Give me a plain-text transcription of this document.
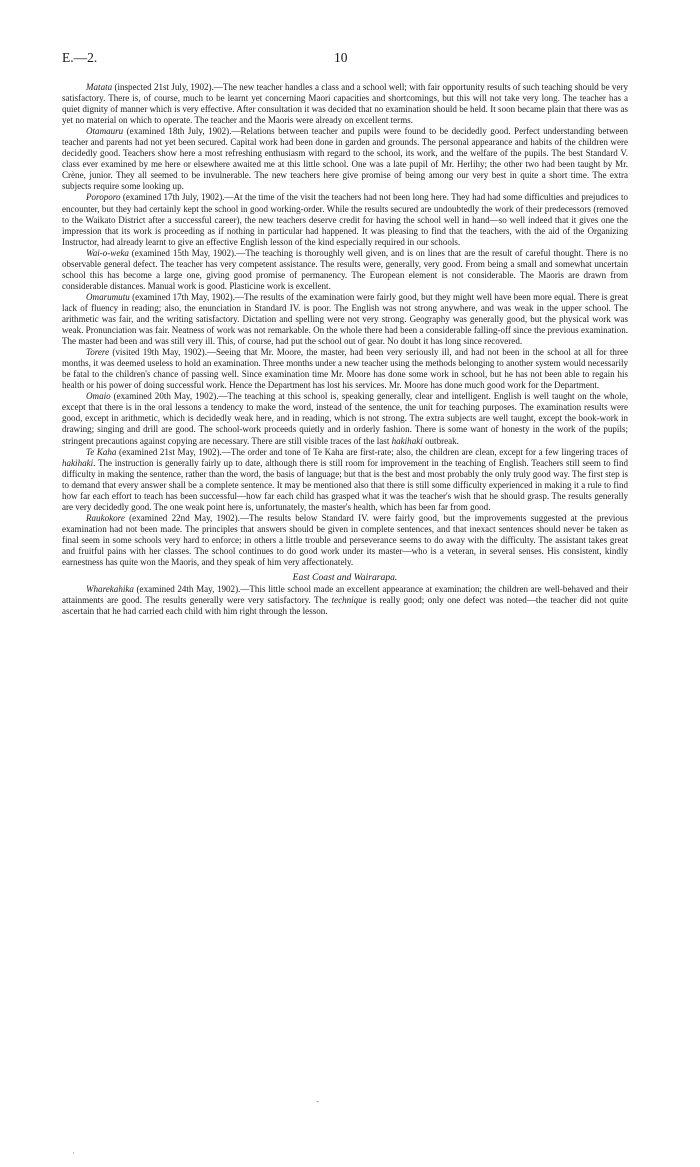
E.—2.	10

Matata (inspected 21st July, 1902).—The new teacher handles a class and a school well; with fair opportunity results of such teaching should be very satisfactory. There is, of course, much to be learnt yet concerning Maori capacities and shortcomings, but this will not take very long. The teacher has a quiet dignity of manner which is very effective. After consultation it was decided that no examination should be held. It soon became plain that there was as yet no material on which to operate. The teacher and the Maoris were already on excellent terms.

Otamauru (examined 18th July, 1902).—Relations between teacher and pupils were found to be decidedly good. Perfect understanding between teacher and parents had not yet been secured. Capital work had been done in garden and grounds. The personal appearance and habits of the children were decidedly good. Teachers show here a most refreshing enthusiasm with regard to the school, its work, and the welfare of the pupils. The best Standard V. class ever examined by me here or elsewhere awaited me at this little school. One was a late pupil of Mr. Herlihy; the other two had been taught by Mr. Crène, junior. They all seemed to be invulnerable. The new teachers here give promise of being among our very best in quite a short time. The extra subjects require some looking up.

Poroporo (examined 17th July, 1902).—At the time of the visit the teachers had not been long here. They had had some difficulties and prejudices to encounter, but they had certainly kept the school in good working-order. While the results secured are undoubtedly the work of their predecessors (removed to the Waikato District after a successful career), the new teachers deserve credit for having the school well in hand—so well indeed that it gives one the impression that its work is proceeding as if nothing in particular had happened. It was pleasing to find that the teachers, with the aid of the Organizing Instructor, had already learnt to give an effective English lesson of the kind especially required in our schools.

Wai-o-weka (examined 15th May, 1902).—The teaching is thoroughly well given, and is on lines that are the result of careful thought. There is no observable general defect. The teacher has very competent assistance. The results were, generally, very good. From being a small and somewhat uncertain school this has become a large one, giving good promise of permanency. The European element is not considerable. The Maoris are drawn from considerable distances. Manual work is good. Plasticine work is excellent.

Omarumutu (examined 17th May, 1902).—The results of the examination were fairly good, but they might well have been more equal. There is great lack of fluency in reading; also, the enunciation in Standard IV. is poor. The English was not strong anywhere, and was weak in the upper school. The arithmetic was fair, and the writing satisfactory. Dictation and spelling were not very strong. Geography was generally good, but the physical work was weak. Pronunciation was fair. Neatness of work was not remarkable. On the whole there had been a considerable falling-off since the previous examination. The master had been and was still very ill. This, of course, had put the school out of gear. No doubt it has long since recovered.

Torere (visited 19th May, 1902).—Seeing that Mr. Moore, the master, had been very seriously ill, and had not been in the school at all for three months, it was deemed useless to hold an examination. Three months under a new teacher using the methods belonging to another system would necessarily be fatal to the children's chance of passing well. Since examination time Mr. Moore has done some work in school, but he has not been able to regain his health or his power of doing successful work. Hence the Department has lost his services. Mr. Moore has done much good work for the Department.

Omaio (examined 20th May, 1902).—The teaching at this school is, speaking generally, clear and intelligent. English is well taught on the whole, except that there is in the oral lessons a tendency to make the word, instead of the sentence, the unit for teaching purposes. The examination results were good, except in arithmetic, which is decidedly weak here, and in reading, which is not strong. The extra subjects are well taught, except the book-work in drawing; singing and drill are good. The school-work proceeds quietly and in orderly fashion. There is some want of honesty in the work of the pupils; stringent precautions against copying are necessary. There are still visible traces of the last hakihaki outbreak.

Te Kaha (examined 21st May, 1902).—The order and tone of Te Kaha are first-rate; also, the children are clean, except for a few lingering traces of hakihaki. The instruction is generally fairly up to date, although there is still room for improvement in the teaching of English. Teachers still seem to find difficulty in making the sentence, rather than the word, the basis of language; but that is the best and most probably the only truly good way. The first step is to demand that every answer shall be a complete sentence. It may be mentioned also that there is still some difficulty experienced in making it a rule to find how far each effort to teach has been successful—how far each child has grasped what it was the teacher's wish that he should grasp. The results generally are very decidedly good. The one weak point here is, unfortunately, the master's health, which has been far from good.

Raukokore (examined 22nd May, 1902).—The results below Standard IV. were fairly good, but the improvements suggested at the previous examination had not been made. The principles that answers should be given in complete sentences, and that inexact sentences should never be taken as final seem in some schools very hard to enforce; in others a little trouble and perseverance seems to do away with the difficulty. The assistant takes great and fruitful pains with her classes. The school continues to do good work under its master—who is a veteran, in several senses. His consistent, kindly earnestness has quite won the Maoris, and they speak of him very affectionately.

East Coast and Wairarapa.

Wharekahika (examined 24th May, 1902).—This little school made an excellent appearance at examination; the children are well-behaved and their attainments are good. The results generally were very satisfactory. The technique is really good; only one defect was noted—the teacher did not quite ascertain that he had carried each child with him right through the lesson.

-
·
